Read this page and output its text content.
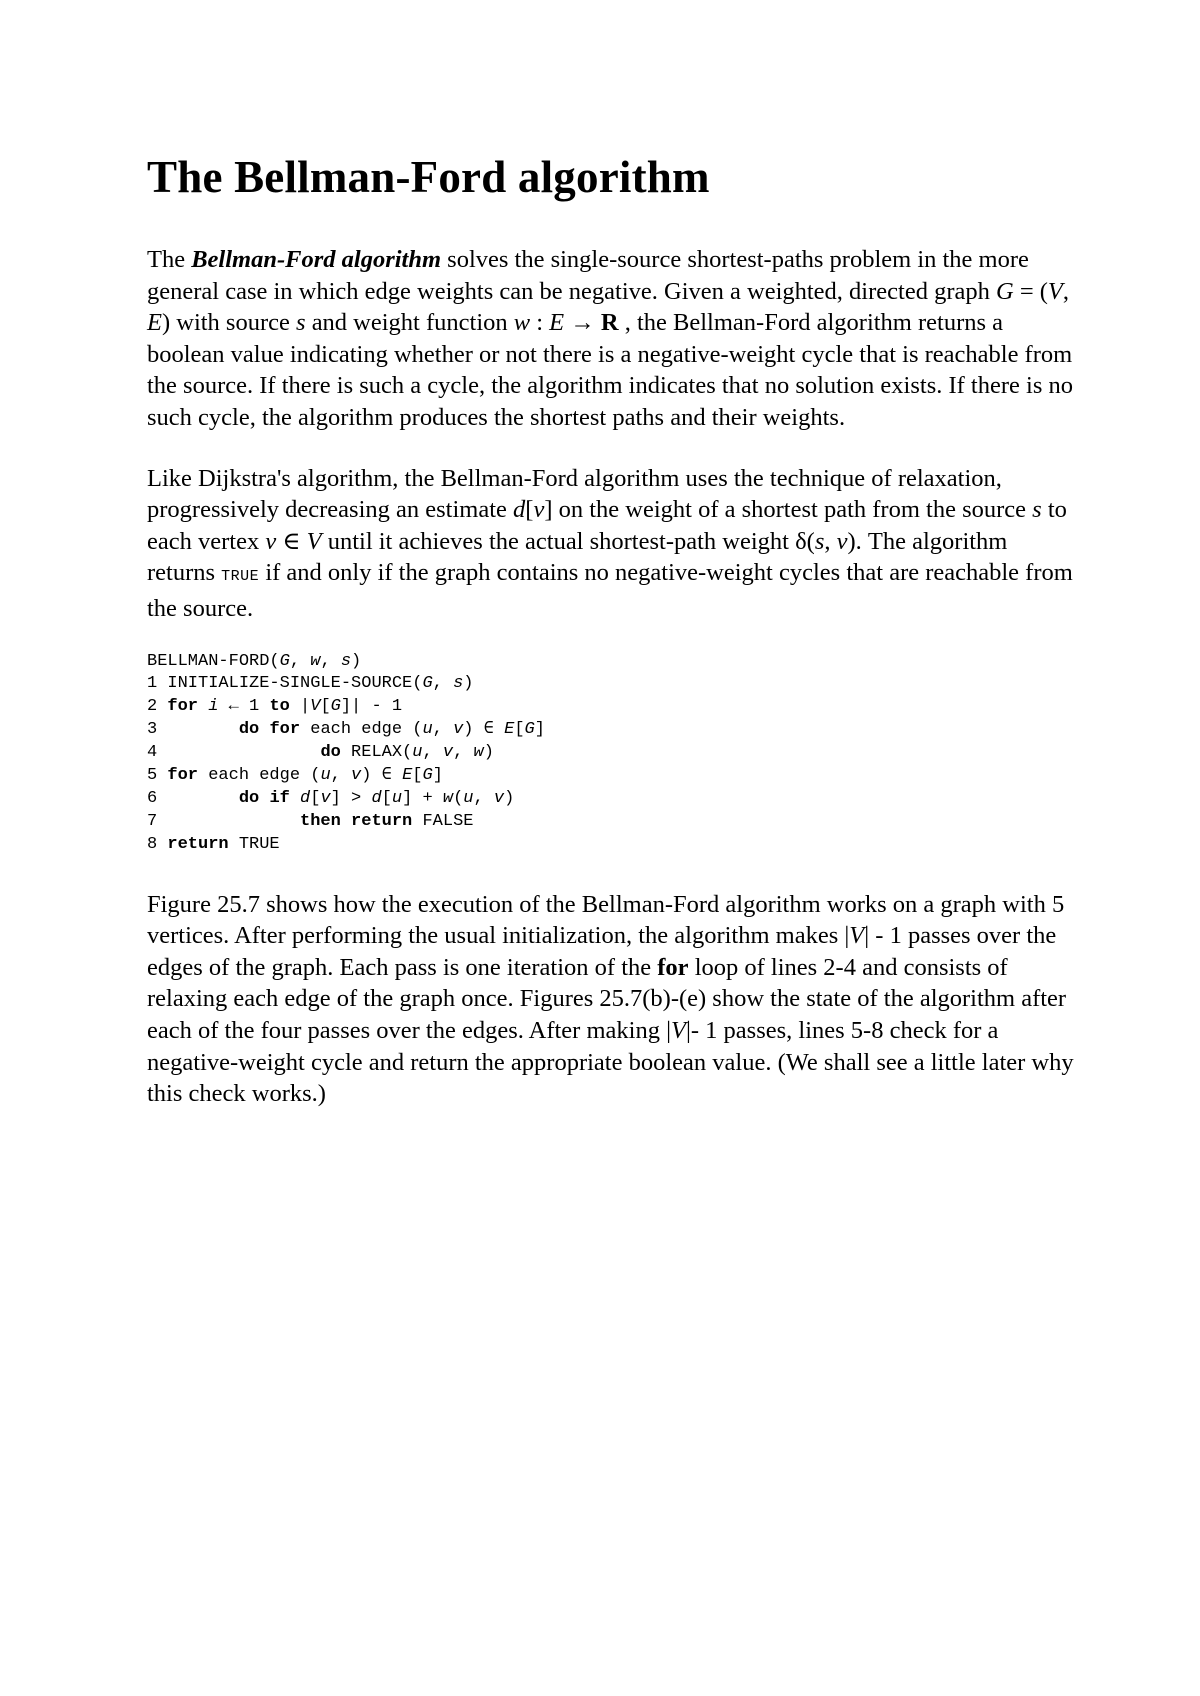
The Bellman-Ford algorithm

The Bellman-Ford algorithm solves the single-source shortest-paths problem in the more general case in which edge weights can be negative. Given a weighted, directed graph G = (V, E) with source s and weight function w : E → R , the Bellman-Ford algorithm returns a boolean value indicating whether or not there is a negative-weight cycle that is reachable from the source. If there is such a cycle, the algorithm indicates that no solution exists. If there is no such cycle, the algorithm produces the shortest paths and their weights.

Like Dijkstra's algorithm, the Bellman-Ford algorithm uses the technique of relaxation, progressively decreasing an estimate d[v] on the weight of a shortest path from the source s to each vertex v ∈ V until it achieves the actual shortest-path weight δ(s, v). The algorithm returns TRUE if and only if the graph contains no negative-weight cycles that are reachable from the source.

BELLMAN-FORD(G, w, s)
1 INITIALIZE-SINGLE-SOURCE(G, s)
2 for i ← 1 to |V[G]| - 1
3        do for each edge (u, v) ∈ E[G]
4                do RELAX(u, v, w)
5 for each edge (u, v) ∈ E[G]
6        do if d[v] > d[u] + w(u, v)
7              then return FALSE
8 return TRUE

Figure 25.7 shows how the execution of the Bellman-Ford algorithm works on a graph with 5 vertices. After performing the usual initialization, the algorithm makes |V| - 1 passes over the edges of the graph. Each pass is one iteration of the for loop of lines 2-4 and consists of relaxing each edge of the graph once. Figures 25.7(b)-(e) show the state of the algorithm after each of the four passes over the edges. After making |V|- 1 passes, lines 5-8 check for a negative-weight cycle and return the appropriate boolean value. (We shall see a little later why this check works.)
